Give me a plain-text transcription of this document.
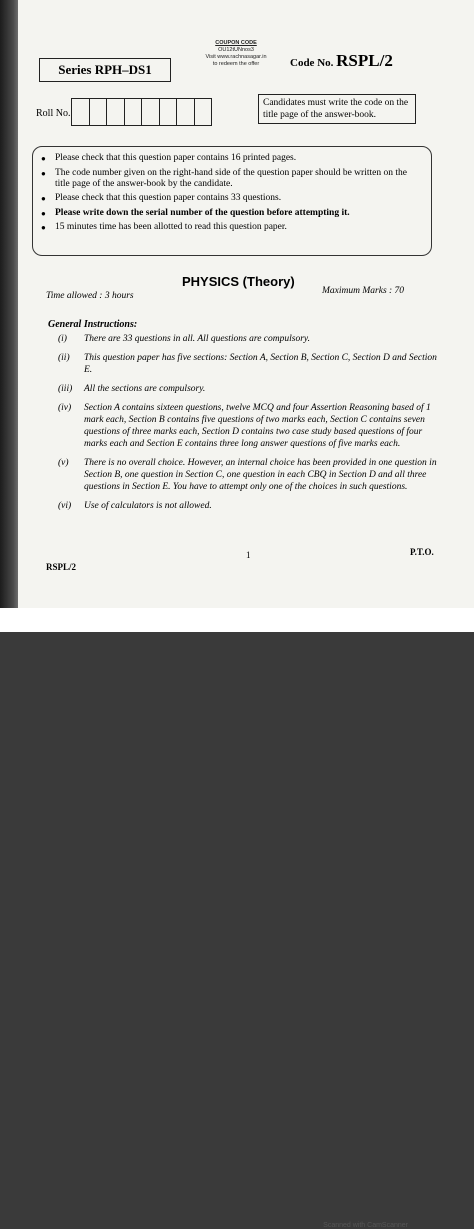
COUPON CODE
OU12tUNnos3
Visit www.rachnasagar.in
to redeem the offer
Series RPH–DS1	Code No. RSPL/2
Roll No.
Candidates must write the code on the title page of the answer-book.
● Please check that this question paper contains 16 printed pages.
● The code number given on the right-hand side of the question paper should be written on the title page of the answer-book by the candidate.
● Please check that this question paper contains 33 questions.
● Please write down the serial number of the question before attempting it.
● 15 minutes time has been allotted to read this question paper.
PHYSICS (Theory)
Time allowed : 3 hours	Maximum Marks : 70
General Instructions:
(i)	There are 33 questions in all. All questions are compulsory.
(ii)	This question paper has five sections: Section A, Section B, Section C, Section D and Section E.
(iii)	All the sections are compulsory.
(iv)	Section A contains sixteen questions, twelve MCQ and four Assertion Reasoning based of 1 mark each, Section B contains five questions of two marks each, Section C contains seven questions of three marks each, Section D contains two case study based questions of four marks each and Section E contains three long answer questions of five marks each.
(v)	There is no overall choice. However, an internal choice has been provided in one question in Section B, one question in Section C, one question in each CBQ in Section D and all three questions in Section E. You have to attempt only one of the choices in such questions.
(vi)	Use of calculators is not allowed.
1	P.T.O.
RSPL/2
Scanned with CamScanner
